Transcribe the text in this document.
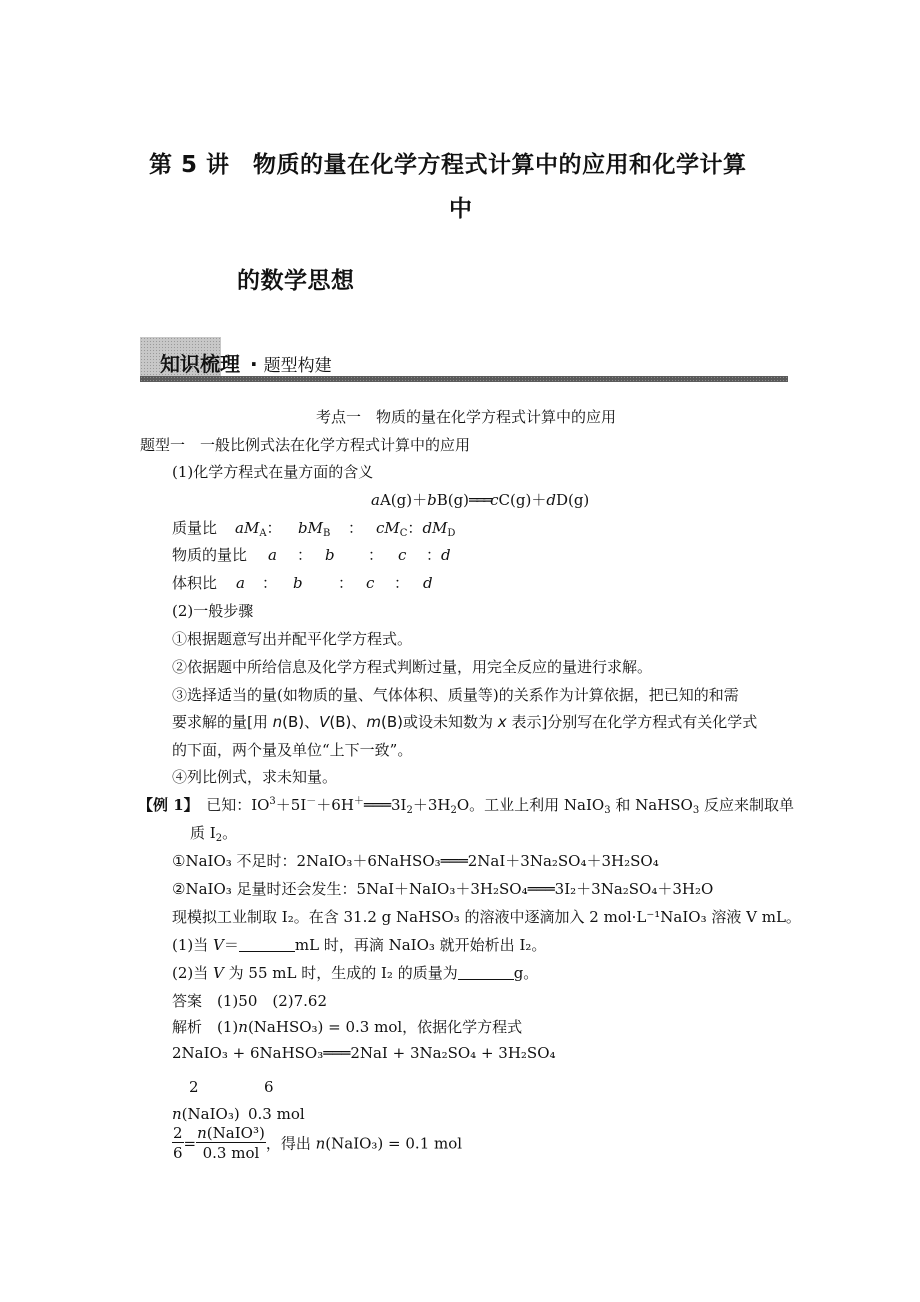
第 5 讲　物质的量在化学方程式计算中的应用和化学计算
中
的数学思想
知识梳理 · 题型构建
考点一　物质的量在化学方程式计算中的应用
题型一　一般比例式法在化学方程式计算中的应用
(1)化学方程式在量方面的含义
aA(g)＋bB(g)═══cC(g)＋dD(g)
质量比 $aM_A$： $bM_B$ ： $cM_C$：$dM_D$
物质的量比 a ： b ： c ：d
体积比 a ： b ： c ： d
(2)一般步骤
①根据题意写出并配平化学方程式。
②依据题中所给信息及化学方程式判断过量，用完全反应的量进行求解。
③选择适当的量(如物质的量、气体体积、质量等)的关系作为计算依据，把已知的和需
要求解的量[用 n(B)、V(B)、m(B)或设未知数为 x 表示]分别写在化学方程式有关化学式
的下面，两个量及单位“上下一致”。
④列比例式，求未知量。
【例 1】　 已知：$IO^3+5I^-+6H^+═══3I_2+3H_2O$。工业上利用 NaIO$_3$ 和 NaHSO$_3$ 反应来制取单
质 $I_2$。
①NaIO₃ 不足时：2NaIO₃＋6NaHSO₃═══2NaI＋3Na₂SO₄＋3H₂SO₄
②NaIO₃ 足量时还会发生：5NaI＋NaIO₃＋3H₂SO₄═══3I₂＋3Na₂SO₄＋3H₂O
现模拟工业制取 I₂。在含 31.2 g NaHSO₃ 的溶液中逐滴加入 2 mol·L⁻¹NaIO₃ 溶液 V mL。
(1)当 V＝	mL 时，再滴 NaIO₃ 就开始析出 I₂。
(2)当 V 为 55 mL 时，生成的 I₂ 的质量为	g。
答案　 (1)50　(2)7.62
解析　 (1)n(NaHSO₃) = 0.3 mol，依据化学方程式
2NaIO₃ + 6NaHSO₃═══2NaI + 3Na₂SO₄ + 3H₂SO₄
2	6
n(NaIO₃) 0.3 mol
$\frac{2}{6} = \frac{\text{n(NaIO³)}}{\text{0.3 mol}}$ ，得出 n(NaIO₃) = 0.1 mol
